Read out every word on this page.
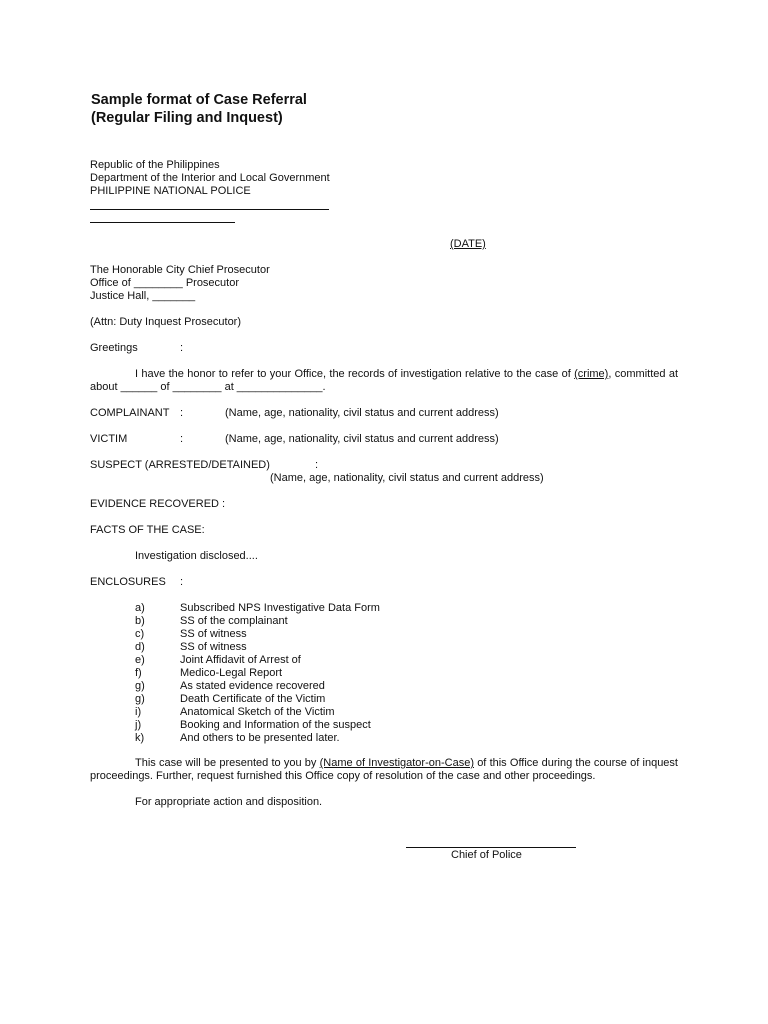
Sample format of Case Referral
(Regular Filing and Inquest)
Republic of the Philippines
Department of the Interior and Local Government
PHILIPPINE NATIONAL POLICE
(DATE)
The Honorable City Chief Prosecutor
Office of ________ Prosecutor
Justice Hall, _______
(Attn: Duty Inquest Prosecutor)
Greetings	:
I have the honor to refer to your Office, the records of investigation relative to the case of (crime), committed at about ______ of ________ at ______________.
COMPLAINANT :	(Name, age, nationality, civil status and current address)
VICTIM	:	(Name, age, nationality, civil status and current address)
SUSPECT (ARRESTED/DETAINED)	:
(Name, age, nationality, civil status and current address)
EVIDENCE RECOVERED :
FACTS OF THE CASE:
Investigation disclosed....
ENCLOSURES :
a)	Subscribed NPS Investigative Data Form
b)	SS of the complainant
c)	SS of witness
d)	SS of witness
e)	Joint Affidavit of Arrest of
f)	Medico-Legal Report
g)	As stated evidence recovered
g)	Death Certificate of the Victim
i)	Anatomical Sketch of the Victim
j)	Booking and Information of the suspect
k)	And others to be presented later.
This case will be presented to you by (Name of Investigator-on-Case) of this Office during the course of inquest proceedings. Further, request furnished this Office copy of resolution of the case and other proceedings.
For appropriate action and disposition.
Chief of Police
